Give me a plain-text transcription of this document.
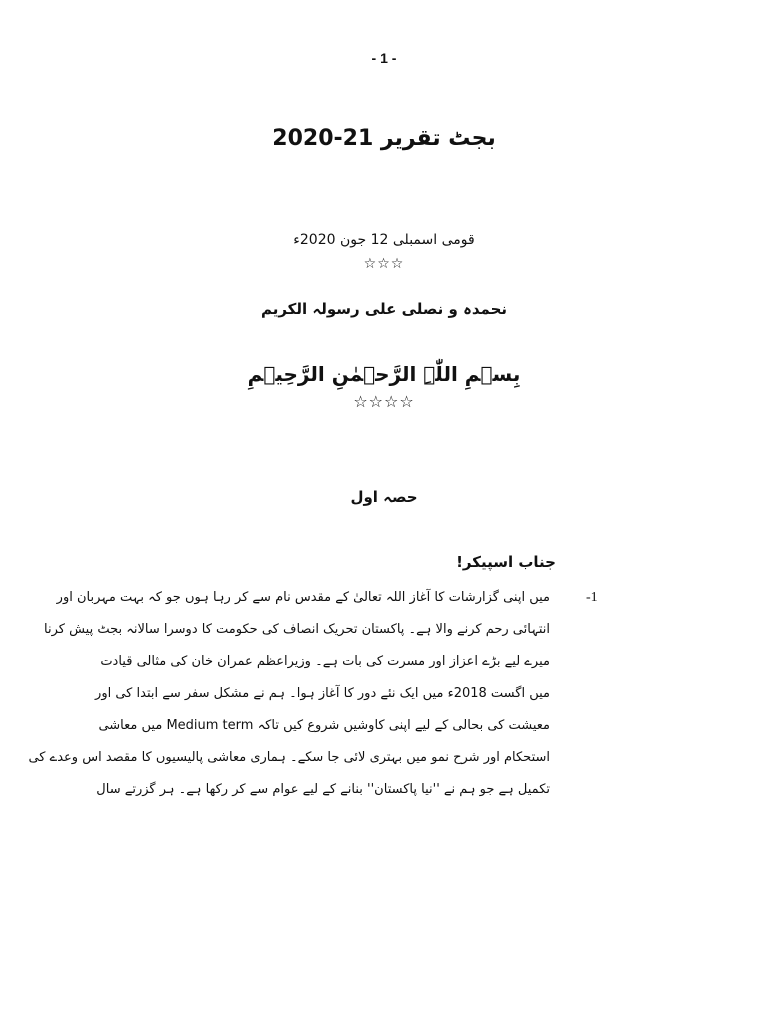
- 1 -
بجٹ تقریر 21-2020
قومی اسمبلی 12 جون 2020ء
☆☆☆
نحمدہ و نصلی علی رسولہ الکریم
بِسۡمِ اللّٰہِ الرَّحۡمٰنِ الرَّحِیۡمِ
☆☆☆☆
حصہ اول
جناب اسپیکر!
-1
میں اپنی گزارشات کا آغاز اللہ تعالیٰ کے مقدس نام سے کر رہا ہوں جو کہ بہت مہربان اور
انتہائی رحم کرنے والا ہے۔ پاکستان تحریک انصاف کی حکومت کا دوسرا سالانہ بجٹ پیش کرنا
میرے لیے بڑے اعزاز اور مسرت کی بات ہے۔ وزیراعظم عمران خان کی مثالی قیادت
میں اگست 2018ء میں ایک نئے دور کا آغاز ہوا۔ ہم نے مشکل سفر سے ابتدا کی اور
معیشت کی بحالی کے لیے اپنی کاوشیں شروع کیں تاکہ Medium term میں معاشی
استحکام اور شرح نمو میں بہتری لائی جا سکے۔ ہماری معاشی پالیسیوں کا مقصد اس وعدے کی
تکمیل ہے جو ہم نے ''نیا پاکستان'' بنانے کے لیے عوام سے کر رکھا ہے۔ ہر گزرتے سال
